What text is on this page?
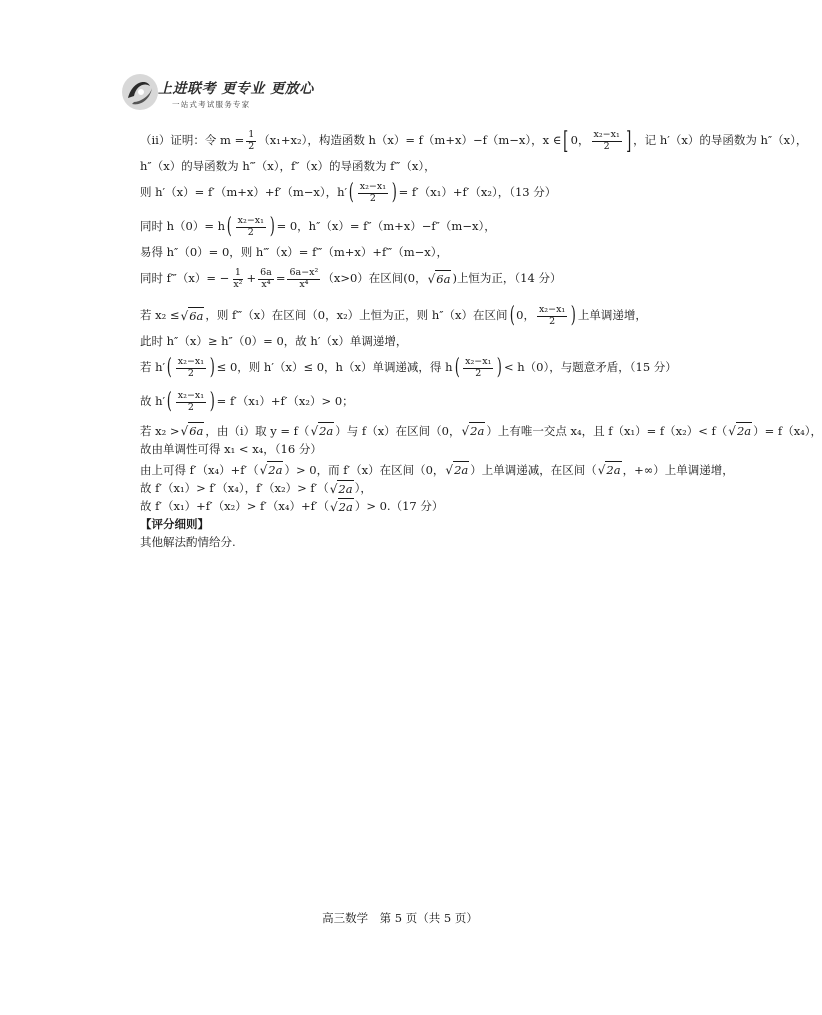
上进联考 更专业 更放心
一站式考试服务专家
（ⅱ）证明：令 $m = \frac{1}{2} (x_1+x_2)$，构造函数 h（x）= f（m+x）−f（m−x），x ∈ [ 0， $\frac{\text{x₂−x₁}}{2}$ ] ，记 h′（x）的导函数为 h″（x），
h″（x）的导函数为 h‴（x），f″（x）的导函数为 f‴（x），
则 h′（x）= f′（m+x）+f′（m−x），h′ ( $\frac{\text{x₂−x₁}}{2}$ ) = f′（x₁）+f′（x₂），（13 分）
同时 h（0）= h ( $\frac{\text{x₂−x₁}}{2}$ ) = 0，h″（x）= f″（m+x）−f″（m−x），
易得 h″（0）= 0，则 h‴（x）= f‴（m+x）+f‴（m−x），
同时 f‴（x）= − $\frac{1}{\text{x²}} + \frac{6a}{\text{x⁴}} = \frac{\text{6a−x²}}{\text{x⁴}} (x>0)$在区间 ( 0， √ 6a ) 上恒为正，（14 分）
若 x₂ ≤ √ 6a ，则 f‴（x）在区间（0，x₂）上恒为正，则 h″（x）在区间 ( 0， $\frac{\text{x₂−x₁}}{2}$ ) 上单调递增，
此时 h″（x）≥ h″（0）= 0，故 h′（x）单调递增，
若 h′ ( $\frac{\text{x₂−x₁}}{2}$ ) ≤ 0，则 h′（x）≤ 0，h（x）单调递减，得 h ( $\frac{\text{x₂−x₁}}{2}$ ) < h（0），与题意矛盾，（15 分）
故 h′ ( $\frac{\text{x₂−x₁}}{2}$ ) = f′（x₁）+f′（x₂）> 0；
若 x₂ > √ 6a ，由（ⅰ）取 y = f（ √ 2a ）与 f（x）在区间（0， √ 2a ）上有唯一交点 x₄，且 f（x₁）= f（x₂）< f（ √ 2a ）= f（x₄），
故由单调性可得 x₁ < x₄，（16 分）
由上可得 f′（x₄）+f′（ √ 2a ）> 0，而 f′（x）在区间（0， √ 2a ）上单调递减，在区间（ √ 2a ，+∞）上单调递增，
故 f′（x₁）> f′（x₄），f′（x₂）> f′（ √ 2a ），
故 f′（x₁）+f′（x₂）> f′（x₄）+f′（ √ 2a ）> 0.（17 分）
【评分细则】
其他解法酌情给分.
高三数学　第 5 页（共 5 页）
